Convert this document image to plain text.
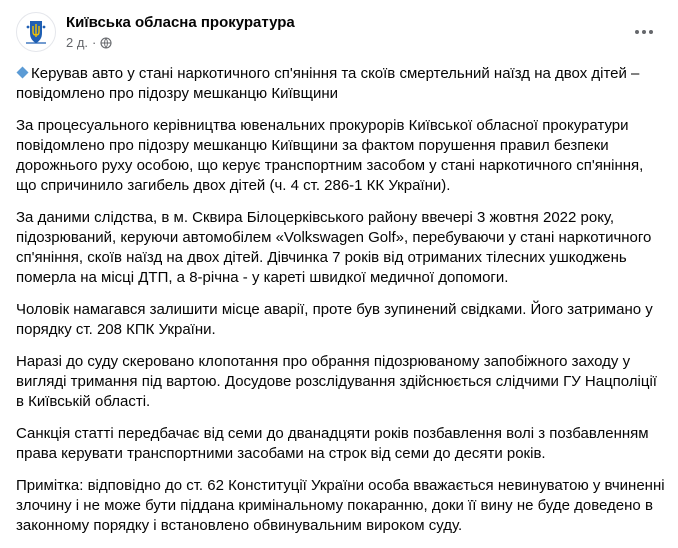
Київська обласна прокуратура
2 д. ·

Керував авто у стані наркотичного сп'яніння та скоїв смертельний наїзд на двох дітей – повідомлено про підозру мешканцю Київщини

За процесуального керівництва ювенальних прокурорів Київської обласної прокуратури повідомлено про підозру мешканцю Київщини за фактом порушення правил безпеки дорожнього руху особою, що керує транспортним засобом у стані наркотичного сп'яніння, що спричинило загибель двох дітей (ч. 4 ст. 286-1 КК України).

За даними слідства, в м. Сквира Білоцерківського району ввечері 3 жовтня 2022 року, підозрюваний, керуючи автомобілем «Volkswagen Golf», перебуваючи у стані наркотичного сп'яніння, скоїв наїзд на двох дітей. Дівчинка 7 років від отриманих тілесних ушкоджень померла на місці ДТП, а 8-річна - у кареті швидкої медичної допомоги.

Чоловік намагався залишити місце аварії, проте був зупинений свідками. Його затримано у порядку ст. 208 КПК України.

Наразі до суду скеровано клопотання про обрання підозрюваному запобіжного заходу у вигляді тримання під вартою. Досудове розслідування здійснюється слідчими ГУ Нацполіції в Київській області.

Санкція статті передбачає від семи до дванадцяти років позбавлення волі з позбавленням права керувати транспортними засобами на строк від семи до десяти років.

Примітка: відповідно до ст. 62 Конституції України особа вважається невинуватою у вчиненні злочину і не може бути піддана кримінальному покаранню, доки її вину не буде доведено в законному порядку і встановлено обвинувальним вироком суду.
